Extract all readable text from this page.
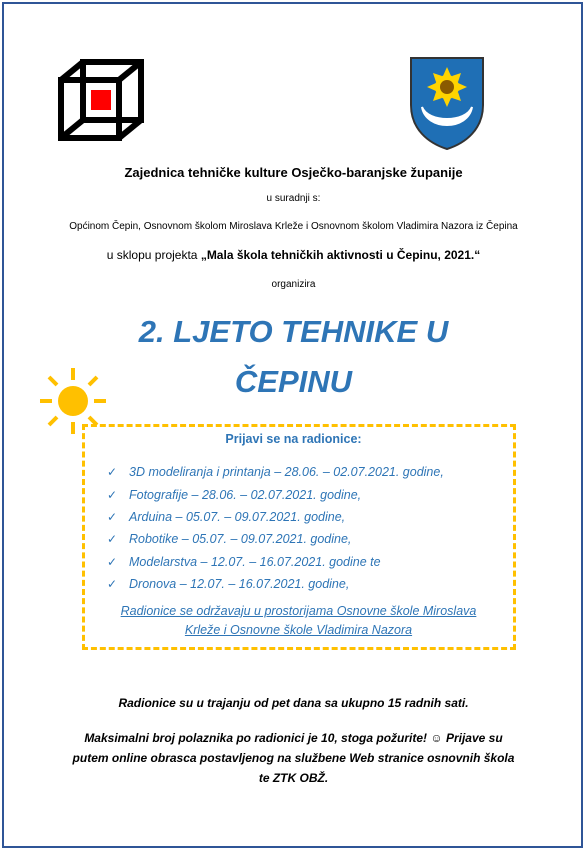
Zajednica tehničke kulture Osječko-baranjske županije
u suradnji s:
Općinom Čepin, Osnovnom školom Miroslava Krleže i Osnovnom školom Vladimira Nazora iz Čepina
u sklopu projekta „Mala škola tehničkih aktivnosti u Čepinu, 2021.“
organizira
2. LJETO TEHNIKE U
ČEPINU
Prijavi se na radionice:
✓ 3D modeliranja i printanja – 28.06. – 02.07.2021. godine,
✓ Fotografije – 28.06. – 02.07.2021. godine,
✓ Arduina – 05.07. – 09.07.2021. godine,
✓ Robotike – 05.07. – 09.07.2021. godine,
✓ Modelarstva – 12.07. – 16.07.2021. godine te
✓ Dronova – 12.07. – 16.07.2021. godine,
Radionice se održavaju u prostorijama Osnovne škole Miroslava
Krleže i Osnovne škole Vladimira Nazora
Radionice su u trajanju od pet dana sa ukupno 15 radnih sati.
Maksimalni broj polaznika po radionici je 10, stoga požurite! ☺ Prijave su
putem online obrasca postavljenog na službene Web stranice osnovnih škola
te ZTK OBŽ.
